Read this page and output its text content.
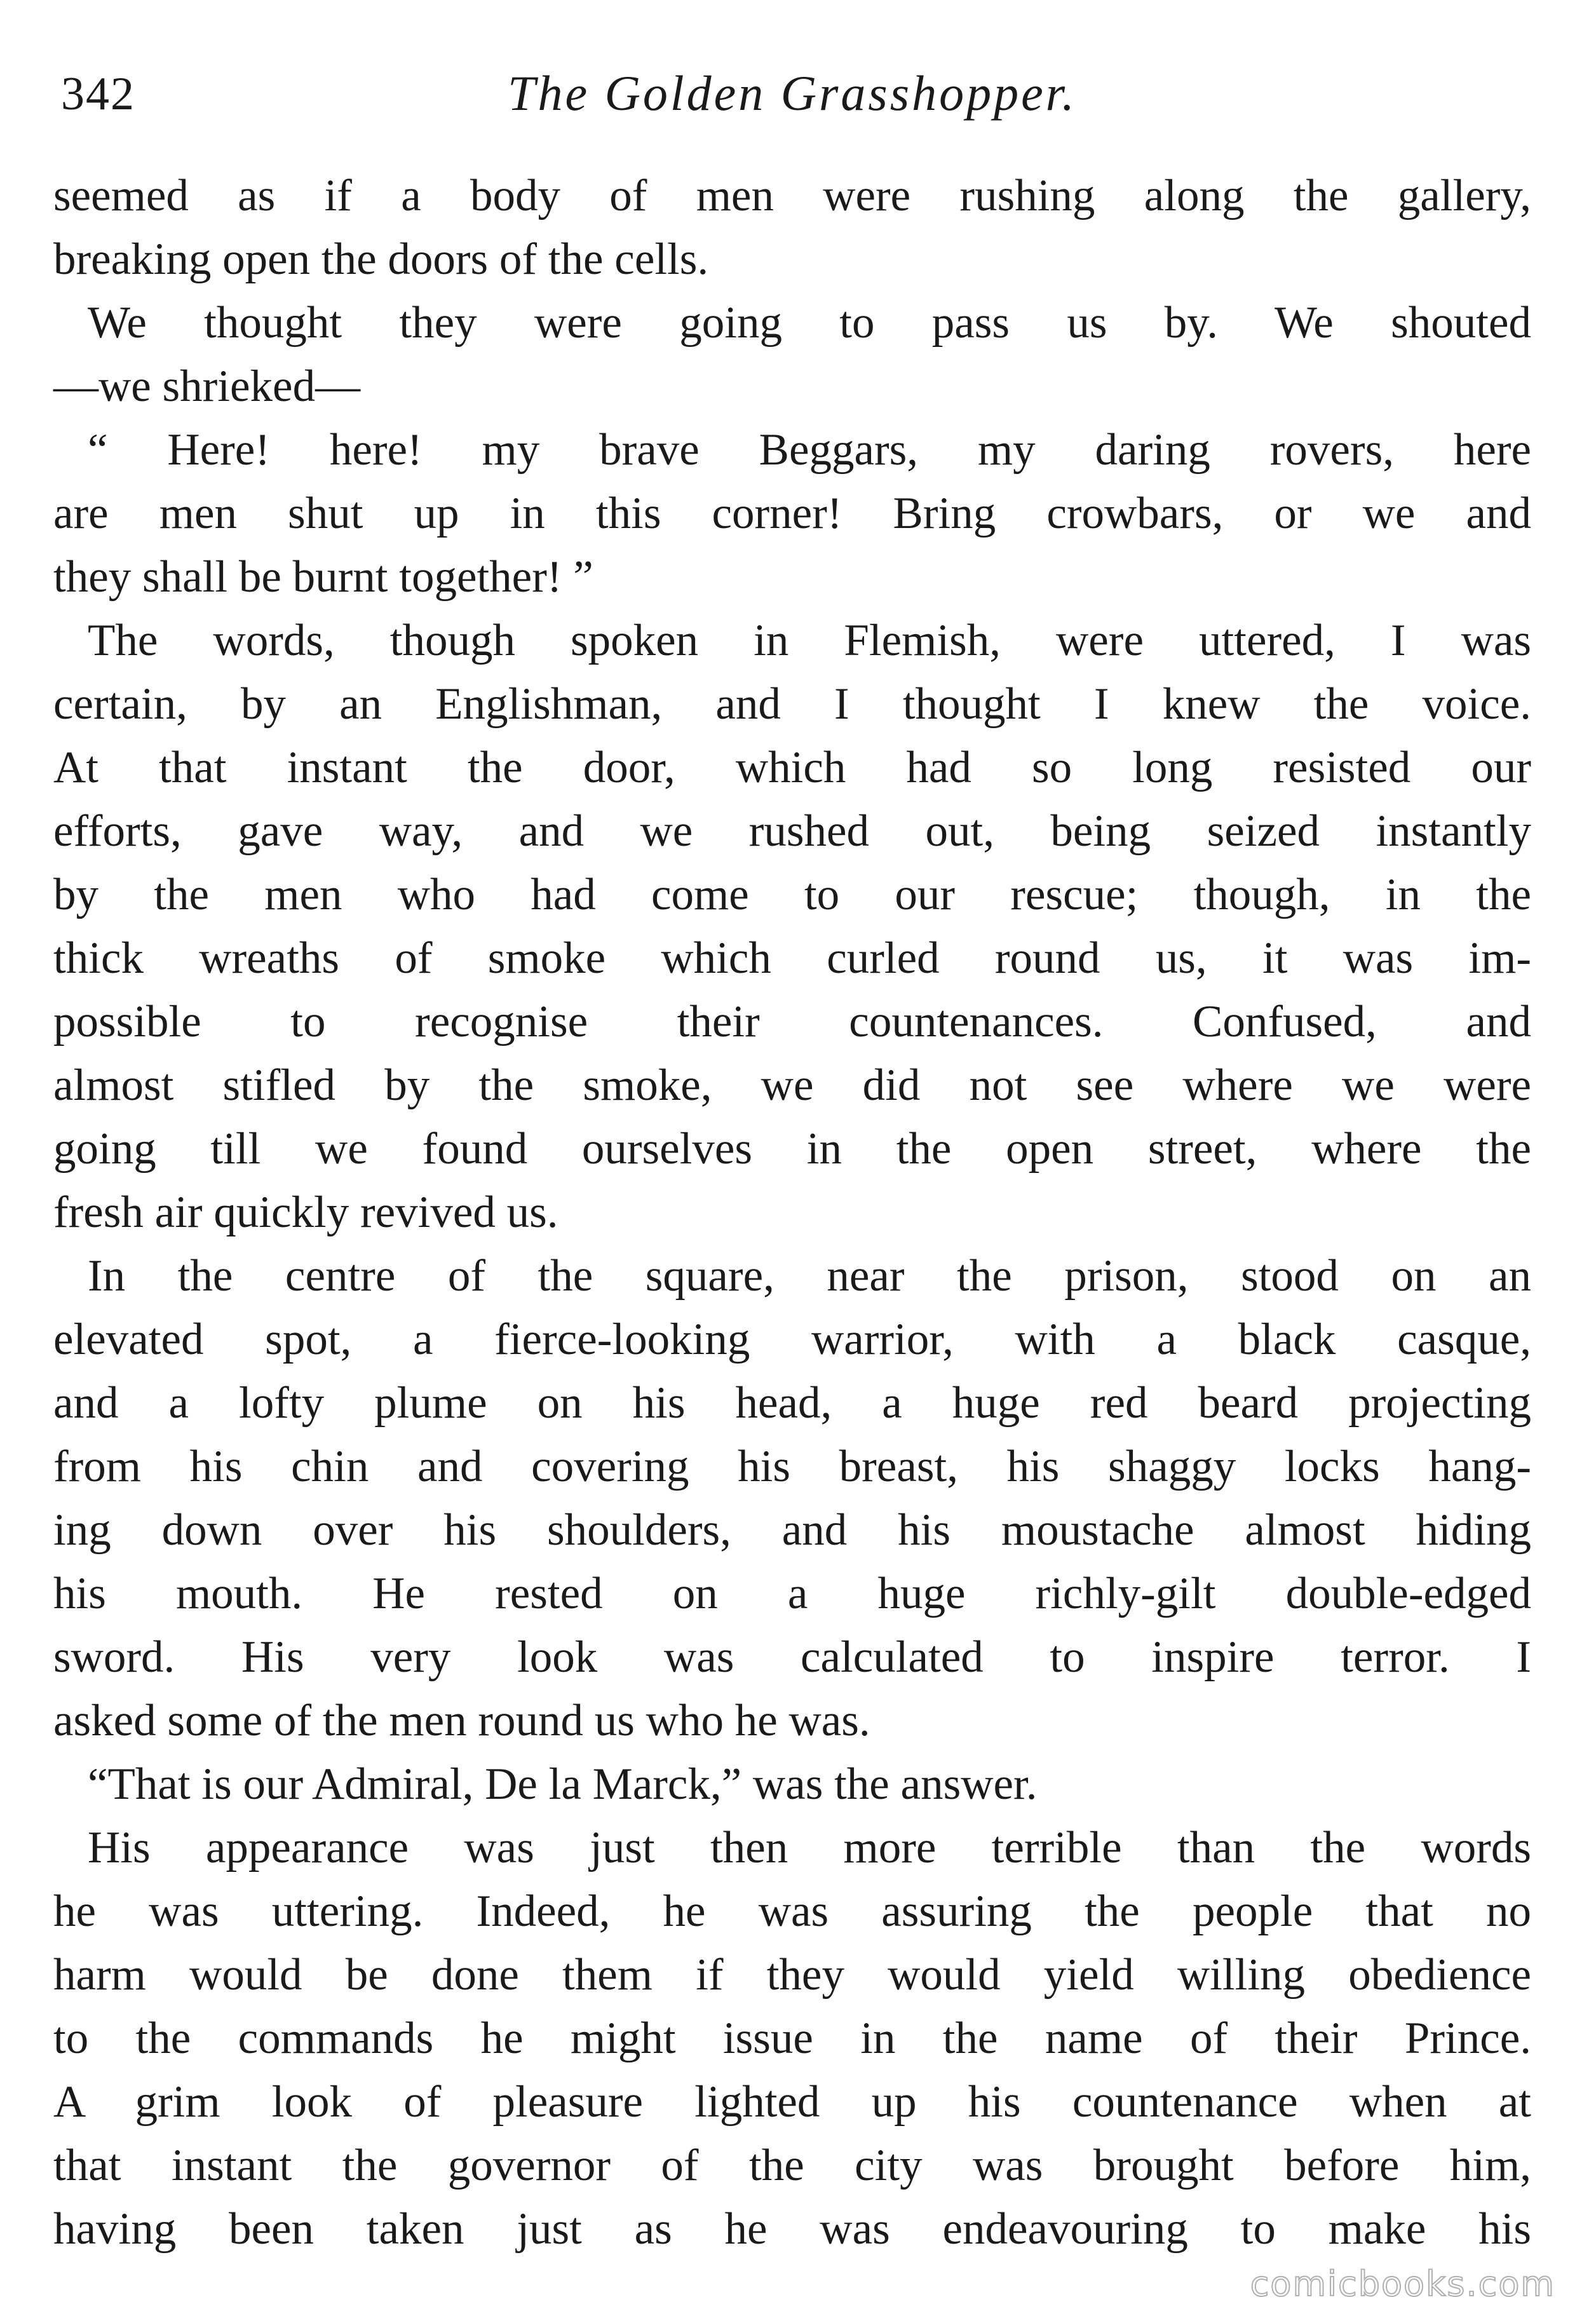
342	The Golden Grasshopper.

seemed as if a body of men were rushing along the gallery,

breaking open the doors of the cells.

We thought they were going to pass us by. We shouted

—we shrieked—

“ Here! here! my brave Beggars, my daring rovers, here

are men shut up in this corner! Bring crowbars, or we and

they shall be burnt together! ”

The words, though spoken in Flemish, were uttered, I was

certain, by an Englishman, and I thought I knew the voice.

At that instant the door, which had so long resisted our

efforts, gave way, and we rushed out, being seized instantly

by the men who had come to our rescue; though, in the

thick wreaths of smoke which curled round us, it was im-

possible to recognise their countenances. Confused, and

almost stifled by the smoke, we did not see where we were

going till we found ourselves in the open street, where the

fresh air quickly revived us.

In the centre of the square, near the prison, stood on an

elevated spot, a fierce-looking warrior, with a black casque,

and a lofty plume on his head, a huge red beard projecting

from his chin and covering his breast, his shaggy locks hang-

ing down over his shoulders, and his moustache almost hiding

his mouth. He rested on a huge richly-gilt double-edged

sword. His very look was calculated to inspire terror. I

asked some of the men round us who he was.

“That is our Admiral, De la Marck,” was the answer.

His appearance was just then more terrible than the words

he was uttering. Indeed, he was assuring the people that no

harm would be done them if they would yield willing obedience

to the commands he might issue in the name of their Prince.

A grim look of pleasure lighted up his countenance when at

that instant the governor of the city was brought before him,

having been taken just as he was endeavouring to make his

comicbooks.com
